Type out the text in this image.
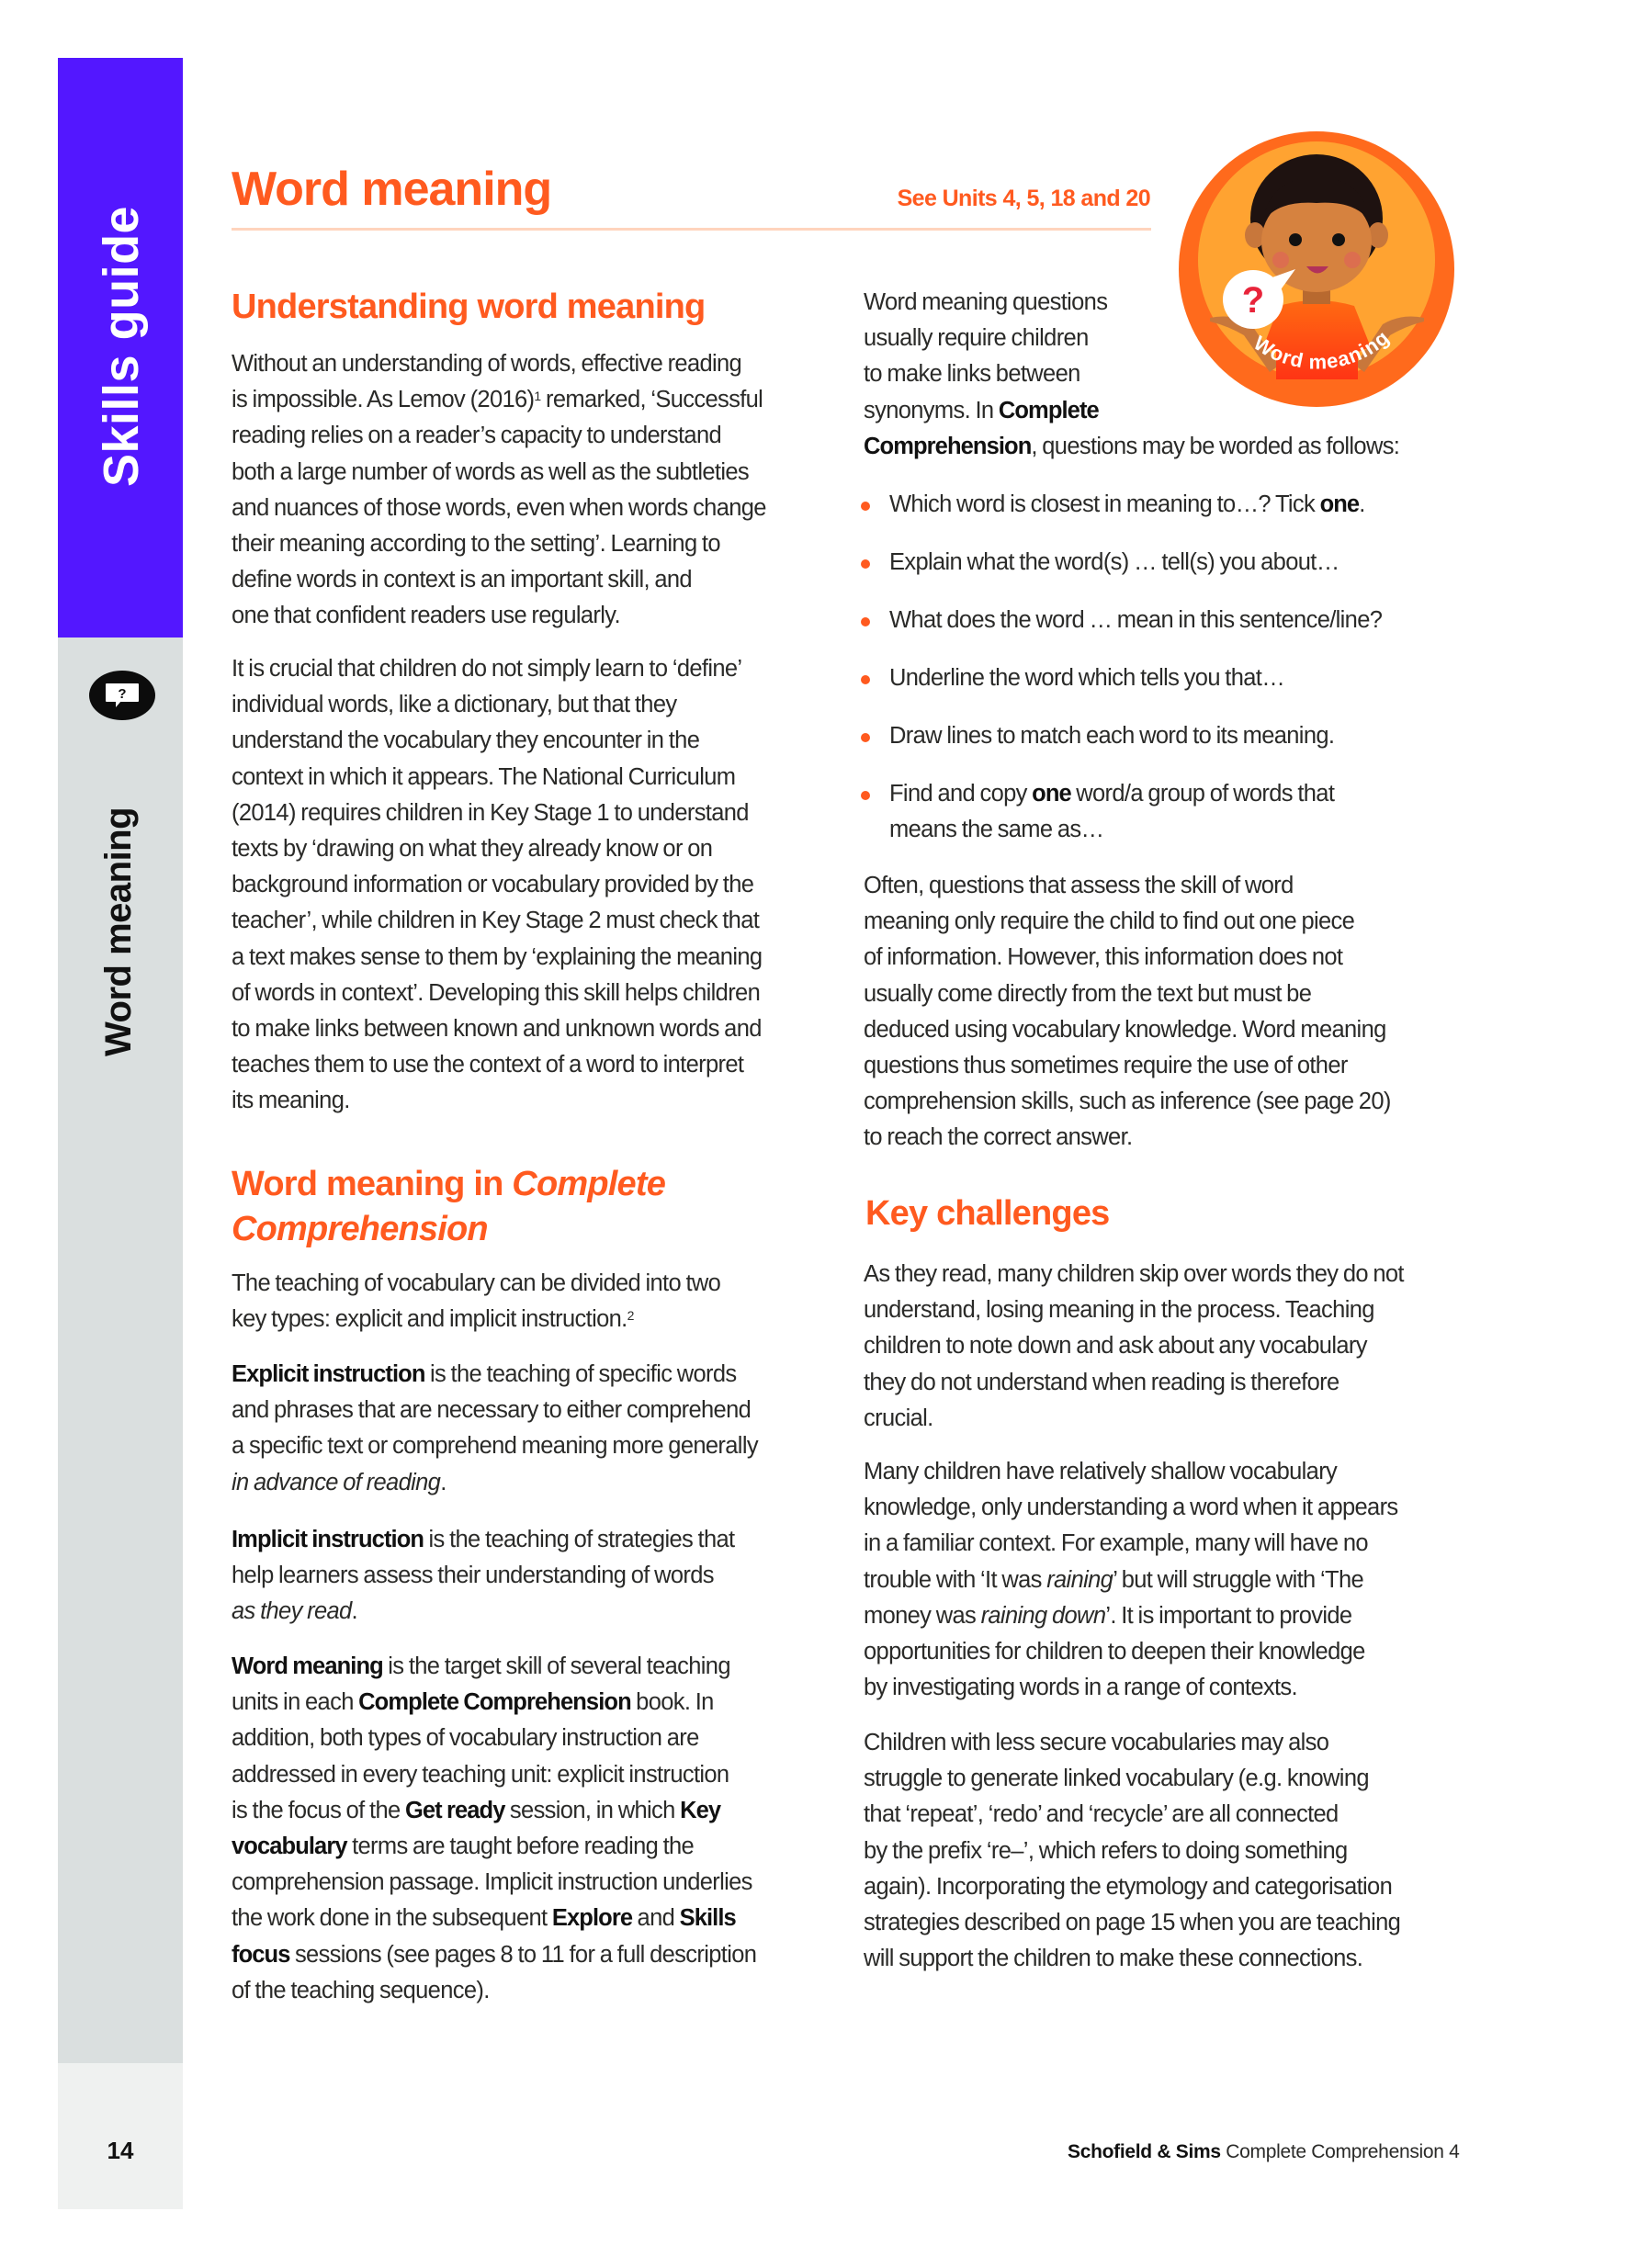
Skills guide
?
Word meaning
14
Word meaning	See Units 4, 5, 18 and 20
?
Word meaning
Understanding word meaning
Without an understanding of words, effective reading
is impossible. As Lemov $(2016)^1$ remarked, ‘Successful
reading relies on a reader’s capacity to understand
both a large number of words as well as the subtleties
and nuances of those words, even when words change
their meaning according to the setting’. Learning to
define words in context is an important skill, and
one that confident readers use regularly.
It is crucial that children do not simply learn to ‘define’
individual words, like a dictionary, but that they
understand the vocabulary they encounter in the
context in which it appears. The National Curriculum
(2014) requires children in Key Stage 1 to understand
texts by ‘drawing on what they already know or on
background information or vocabulary provided by the
teacher’, while children in Key Stage 2 must check that
a text makes sense to them by ‘explaining the meaning
of words in context’. Developing this skill helps children
to make links between known and unknown words and
teaches them to use the context of a word to interpret
its meaning.
Word meaning in Complete
Comprehension
The teaching of vocabulary can be divided into two
key types: explicit and implicit instruction.$^2$
Explicit instruction is the teaching of specific words
and phrases that are necessary to either comprehend
a specific text or comprehend meaning more generally
in advance of reading.
Implicit instruction is the teaching of strategies that
help learners assess their understanding of words
as they read.
Word meaning is the target skill of several teaching
units in each Complete Comprehension book. In
addition, both types of vocabulary instruction are
addressed in every teaching unit: explicit instruction
is the focus of the Get ready session, in which Key
vocabulary terms are taught before reading the
comprehension passage. Implicit instruction underlies
the work done in the subsequent Explore and Skills
focus sessions (see pages 8 to 11 for a full description
of the teaching sequence).
Word meaning questions
usually require children
to make links between
synonyms. In Complete
Comprehension, questions may be worded as follows:
Which word is closest in meaning to…? Tick one.
Explain what the word(s) … tell(s) you about…
What does the word … mean in this sentence/line?
Underline the word which tells you that…
Draw lines to match each word to its meaning.
Find and copy one word/a group of words that
means the same as…
Often, questions that assess the skill of word
meaning only require the child to find out one piece
of information. However, this information does not
usually come directly from the text but must be
deduced using vocabulary knowledge. Word meaning
questions thus sometimes require the use of other
comprehension skills, such as inference (see page 20)
to reach the correct answer.
Key challenges
As they read, many children skip over words they do not
understand, losing meaning in the process. Teaching
children to note down and ask about any vocabulary
they do not understand when reading is therefore
crucial.
Many children have relatively shallow vocabulary
knowledge, only understanding a word when it appears
in a familiar context. For example, many will have no
trouble with ‘It was raining’ but will struggle with ‘The
money was raining down’. It is important to provide
opportunities for children to deepen their knowledge
by investigating words in a range of contexts.
Children with less secure vocabularies may also
struggle to generate linked vocabulary (e.g. knowing
that ‘repeat’, ‘redo’ and ‘recycle’ are all connected
by the prefix ‘re–’, which refers to doing something
again). Incorporating the etymology and categorisation
strategies described on page 15 when you are teaching
will support the children to make these connections.
Schofield & Sims Complete Comprehension 4
